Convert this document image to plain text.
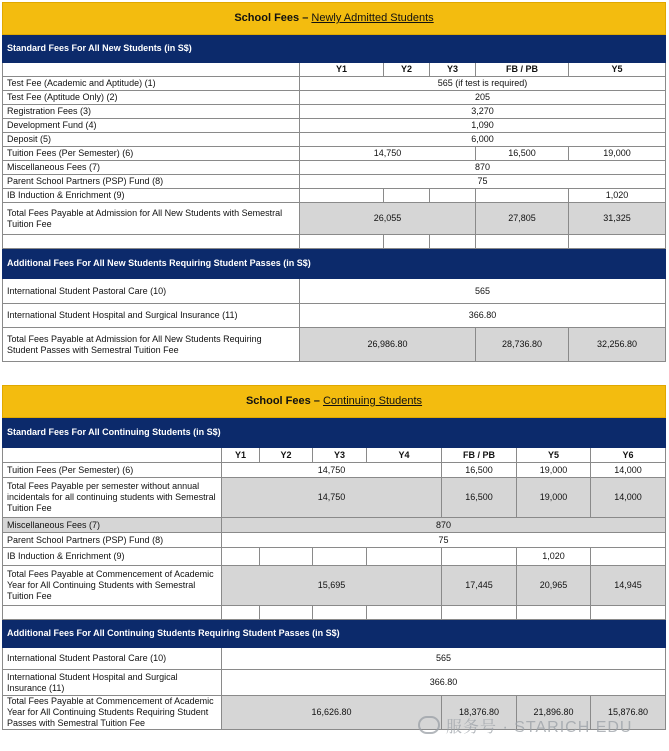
School Fees – Newly Admitted Students					
Standard Fees For All New Students (in S$)					
	Y1	Y2	Y3	FB / PB	Y5
Test Fee (Academic and Aptitude) (1)	565 (if test is required)				
Test Fee (Aptitude Only) (2)	205				
Registration Fees (3)	3,270				
Development Fund (4)	1,090				
Deposit (5)	6,000				
Tuition Fees (Per Semester) (6)	14,750			16,500	19,000
Miscellaneous Fees (7)	870				
Parent School Partners (PSP) Fund (8)	75				
IB Induction & Enrichment (9)					1,020
Total Fees Payable at Admission for All New Students with Semestral Tuition Fee	26,055			27,805	31,325

Additional Fees For All New Students Requiring Student Passes (in S$)					
International Student Pastoral Care (10)	565				
International Student Hospital and Surgical Insurance (11)	366.80				
Total Fees Payable at Admission for All New Students Requiring Student Passes with Semestral Tuition Fee	26,986.80			28,736.80	32,256.80
School Fees – Continuing Students							
Standard Fees For All Continuing Students (in S$)							
	Y1	Y2	Y3	Y4	FB / PB	Y5	Y6
Tuition Fees (Per Semester) (6)	14,750				16,500	19,000	14,000
Total Fees Payable per semester without annual incidentals for all continuing students with Semestral Tuition Fee	14,750				16,500	19,000	14,000
Miscellaneous Fees (7)	870						
Parent School Partners (PSP) Fund (8)	75						
IB Induction & Enrichment (9)						1,020	
Total Fees Payable at Commencement of Academic Year for All Continuing Students with Semestral Tuition Fee	15,695				17,445	20,965	14,945

Additional Fees For All Continuing Students Requiring Student Passes (in S$)							
International Student Pastoral Care (10)	565						
International Student Hospital and Surgical Insurance (11)	366.80						
Total Fees Payable at Commencement of Academic Year for All Continuing Students Requiring Student Passes with Semestral Tuition Fee	16,626.80				18,376.80	21,896.80	15,876.80
服务号 · STARICH EDU
